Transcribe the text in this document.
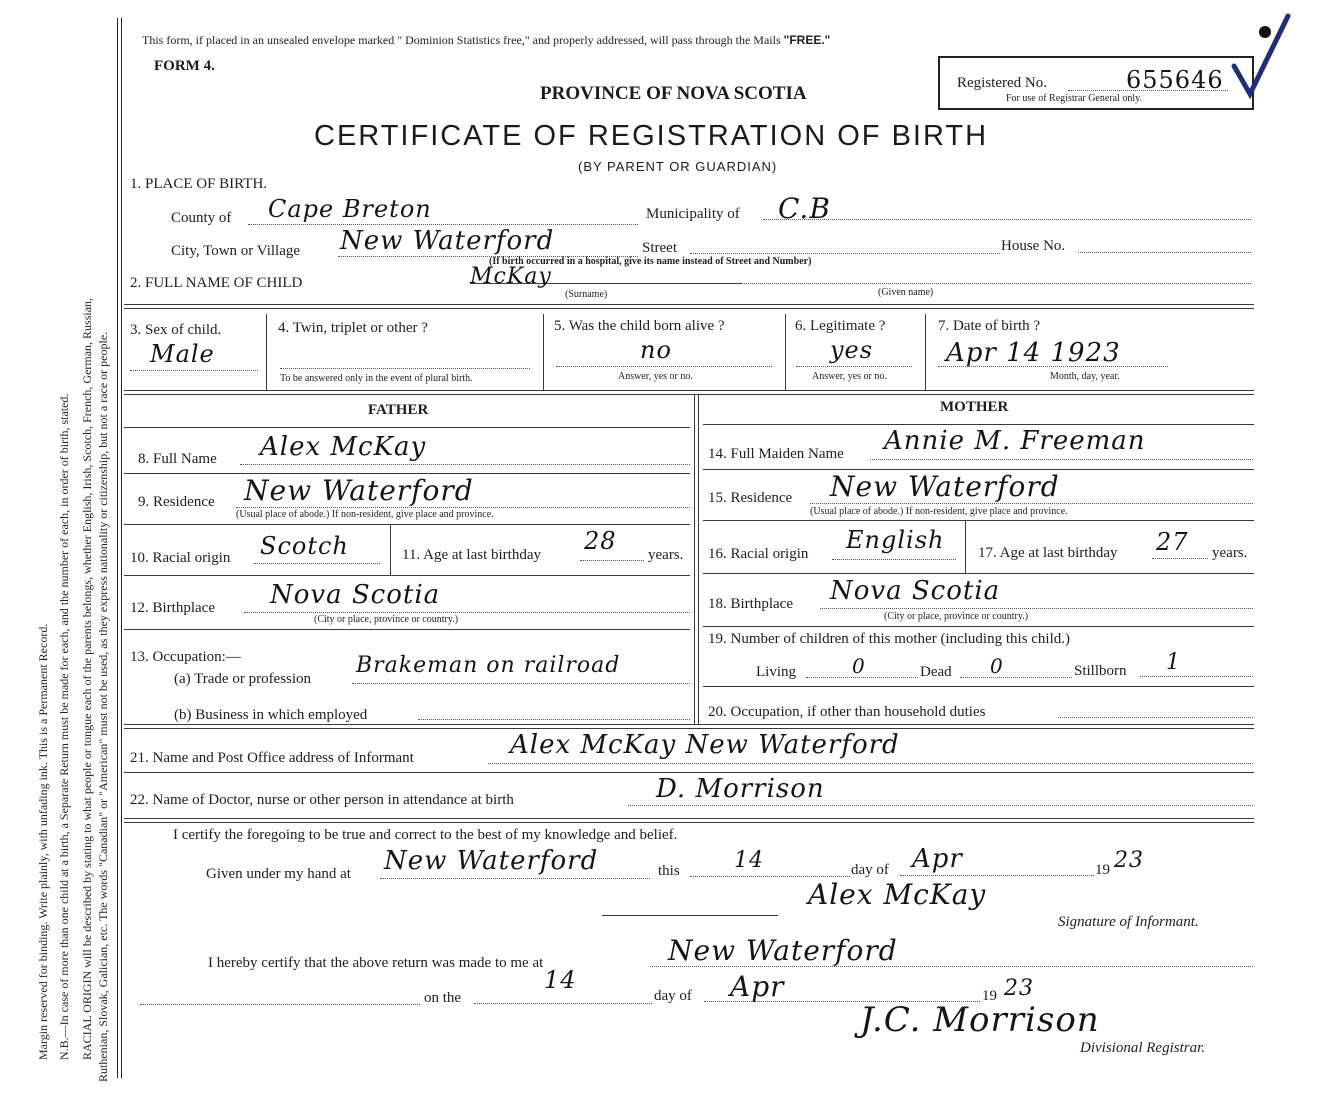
Margin reserved for binding. Write plainly, with unfading ink. This is a Permanent Record. N.B.—In case of more than one child at a birth, a Separate Return must be made for each, and the number of each, in order of birth, stated. RACIAL ORIGIN will be described by stating to what people or tongue each of the parents belongs, whether English, Irish, Scotch, French, German, Russian, Ruthenian, Slovak, Galician, etc. The words "Canadian" or "American" must not be used, as they express nationality or citizenship, but not a race or people.
This form, if placed in an unsealed envelope marked " Dominion Statistics free," and properly addressed, will pass through the Mails "FREE."
FORM 4.
PROVINCE OF NOVA SCOTIA
CERTIFICATE OF REGISTRATION OF BIRTH
(BY PARENT OR GUARDIAN)
Registered No.	655646
For use of Registrar General only.
1. PLACE OF BIRTH.
County of Cape Breton	Municipality of C.B
City, Town or Village New Waterford	Street	House No.
(If birth occurred in a hospital, give its name instead of Street and Number)
2. FULL NAME OF CHILD	McKay
(Surname)	(Given name)
3. Sex of child.
Male
4. Twin, triplet or other ?
To be answered only in the event of plural birth.
5. Was the child born alive ?
no
Answer, yes or no.
6. Legitimate ?
yes
Answer, yes or no.
7. Date of birth ?
Apr 14 1923
Month, day, year.
FATHER	MOTHER
8. Full Name Alex McKay	14. Full Maiden Name Annie M. Freeman
9. Residence New Waterford
(Usual place of abode.) If non-resident, give place and province.
15. Residence New Waterford
(Usual place of abode.) If non-resident, give place and province.
10. Racial origin Scotch	11. Age at last birthday 28 years. 16. Racial origin English 17. Age at last birthday 27 years.
12. Birthplace Nova Scotia
(City or place, province or country.)
18. Birthplace Nova Scotia
(City or place, province or country.)
13. Occupation:—
(a) Trade or profession
Brakeman on railroad
(b) Business in which employed
19. Number of children of this mother (including this child.)
Living	0	Dead 0	Stillborn 1
20. Occupation, if other than household duties
21. Name and Post Office address of Informant	Alex McKay New Waterford
22. Name of Doctor, nurse or other person in attendance at birth	D. Morrison
I certify the foregoing to be true and correct to the best of my knowledge and belief.
Given under my hand at New Waterford	this 14	day of Apr	19 23
Alex McKay
Signature of Informant.
I hereby certify that the above return was made to me at	New Waterford
on the
14
day of Apr	19 23
J.C. Morrison
Divisional Registrar.
